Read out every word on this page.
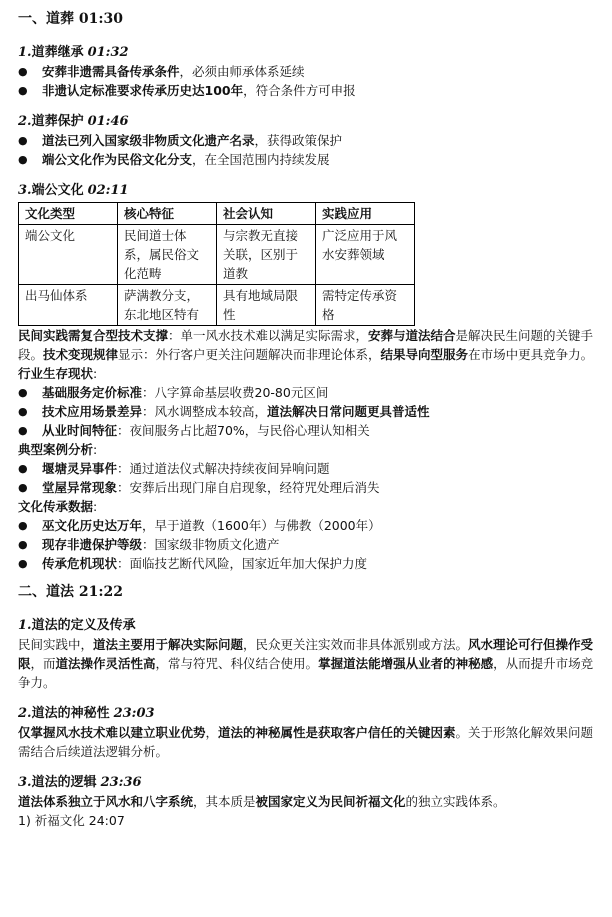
一、道葬 01:30
1.道葬继承 01:32
● 安葬非遗需具备传承条件，必须由师承体系延续
● 非遗认定标准要求传承历史达100年，符合条件方可申报
2.道葬保护 01:46
● 道法已列入国家级非物质文化遗产名录，获得政策保护
● 端公文化作为民俗文化分支，在全国范围内持续发展
3.端公文化 02:11
文化类型	核心特征	社会认知	实践应用
端公文化	民间道士体系，属民俗文化范畴	与宗教无直接关联，区别于道教	广泛应用于风水安葬领域
出马仙体系	萨满教分支，东北地区特有	具有地域局限性	需特定传承资格

民间实践需复合型技术支撑：单一风水技术难以满足实际需求，安葬与道法结合是解决民生问题的关键手段。技术变现规律显示：外行客户更关注问题解决而非理论体系，结果导向型服务在市场中更具竞争力。

行业生存现状:

● 基础服务定价标准：八字算命基层收费20-80元区间
● 技术应用场景差异：风水调整成本较高，道法解决日常问题更具普适性
● 从业时间特征：夜间服务占比超70%，与民俗心理认知相关

典型案例分析:

● 堰塘灵异事件：通过道法仪式解决持续夜间异响问题
● 堂屋异常现象：安葬后出现门扉自启现象，经符咒处理后消失

文化传承数据:

● 巫文化历史达万年，早于道教（1600年）与佛教（2000年）
● 现存非遗保护等级：国家级非物质文化遗产
● 传承危机现状：面临技艺断代风险，国家近年加大保护力度
二、道法 21:22
1.道法的定义及传承

民间实践中，道法主要用于解决实际问题，民众更关注实效而非具体派别或方法。风水理论可行但操作受限，而道法操作灵活性高，常与符咒、科仪结合使用。掌握道法能增强从业者的神秘感，从而提升市场竞争力。

2.道法的神秘性 23:03

仅掌握风水技术难以建立职业优势，道法的神秘属性是获取客户信任的关键因素。关于形煞化解效果问题需结合后续道法逻辑分析。

3.道法的逻辑 23:36

道法体系独立于风水和八字系统，其本质是被国家定义为民间祈福文化的独立实践体系。

1) 祈福文化 24:07
